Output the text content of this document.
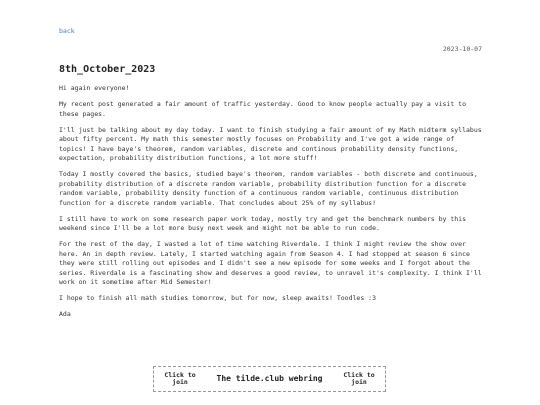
back
2023-10-07
8th_October_2023

Hi again everyone!

My recent post generated a fair amount of traffic yesterday. Good to know people actually pay a visit to these pages.

I'll just be talking about my day today. I want to finish studying a fair amount of my Math midterm syllabus about fifty percent. My math this semester mostly focuses on Probability and I've got a wide range of topics! I have baye's theorem, random variables, discrete and continous probability density functions, expectation, probability distribution functions, a lot more stuff!

Today I mostly covered the basics, studied baye's theorem, random variables - both discrete and continuous, probability distribution of a discrete random variable, probability distribution function for a discrete random variable, probability density function of a continuous random variable, continuous distribution function for a discrete random variable. That concludes about 25% of my syllabus!

I still have to work on some research paper work today, mostly try and get the benchmark numbers by this weekend since I'll be a lot more busy next week and might not be able to run code.

For the rest of the day, I wasted a lot of time watching Riverdale. I think I might review the show over here. An in depth review. Lately, I started watching again from Season 4. I had stopped at season 6 since they were still rolling out episodes and I didn't see a new episode for some weeks and I forgot about the series. Riverdale is a fascinating show and deserves a good review, to unravel it's complexity. I think I'll work on it sometime after Mid Semester!

I hope to finish all math studies tomorrow, but for now, sleep awaits! Toodles :3

Ada

Click to join	The tilde.club webring	Click to join
